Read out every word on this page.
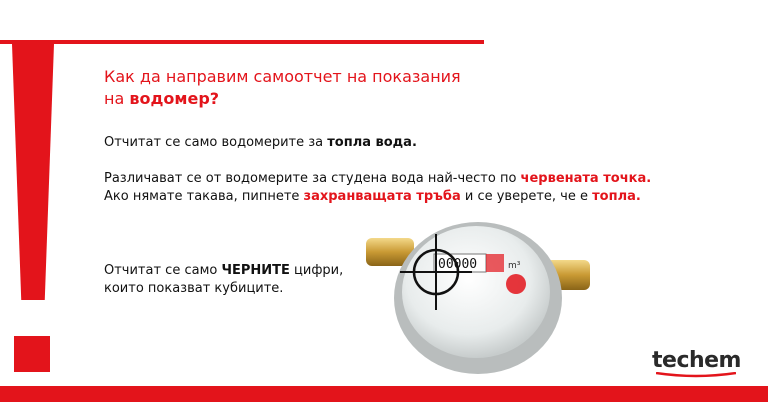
Как да направим самоотчет на показания
на водомер?
Отчитат се само водомерите за топла вода.
Различават се от водомерите за студена вода най-често по червената точка.
Ако нямате такава, пипнете захранващата тръба и се уверете, че е топла.
Отчитат се само ЧЕРНИТЕ цифри,
които показват кубиците.
00000	m³
techem
